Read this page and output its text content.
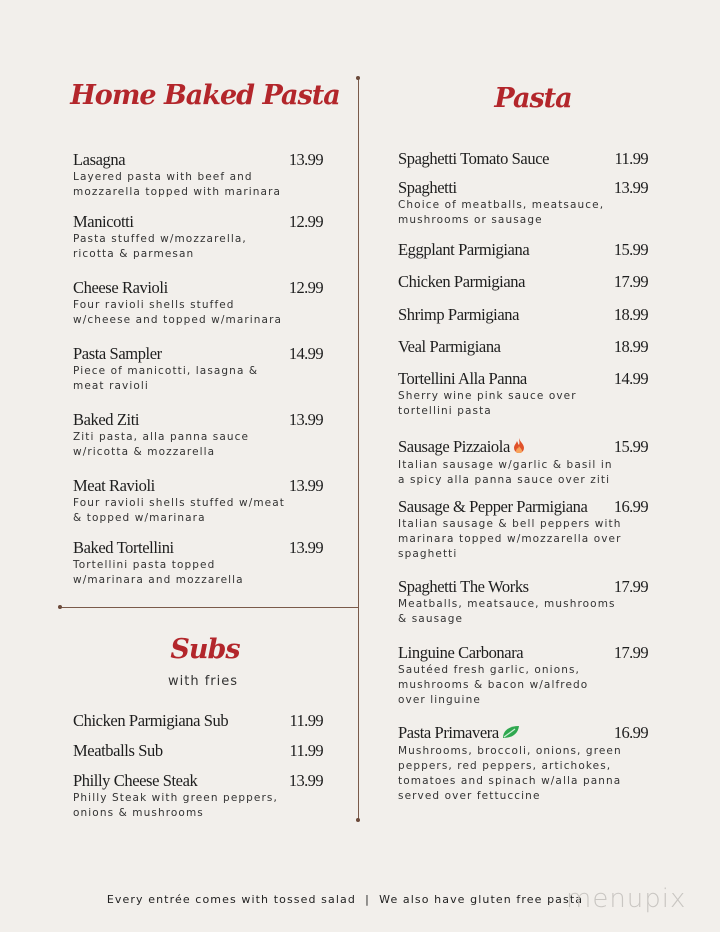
Home Baked Pasta	Pasta
Subs
with fries
Lasagna	13.99
Layered pasta with beef and
mozzarella topped with marinara
Manicotti	12.99
Pasta stuffed w/mozzarella,
ricotta & parmesan
Cheese Ravioli	12.99
Four ravioli shells stuffed
w/cheese and topped w/marinara
Pasta Sampler	14.99
Piece of manicotti, lasagna &
meat ravioli
Baked Ziti	13.99
Ziti pasta, alla panna sauce
w/ricotta & mozzarella
Meat Ravioli	13.99
Four ravioli shells stuffed w/meat
& topped w/marinara
Baked Tortellini	13.99
Tortellini pasta topped
w/marinara and mozzarella
Chicken Parmigiana Sub	11.99
Meatballs Sub	11.99
Philly Cheese Steak	13.99
Philly Steak with green peppers,
onions & mushrooms
Spaghetti Tomato Sauce	11.99
Spaghetti	13.99
Choice of meatballs, meatsauce,
mushrooms or sausage
Eggplant Parmigiana	15.99
Chicken Parmigiana	17.99
Shrimp Parmigiana	18.99
Veal Parmigiana	18.99
Tortellini Alla Panna	14.99
Sherry wine pink sauce over
tortellini pasta
Sausage Pizzaiola	15.99
Italian sausage w/garlic & basil in
a spicy alla panna sauce over ziti
Sausage & Pepper Parmigiana	16.99
Italian sausage & bell peppers with
marinara topped w/mozzarella over
spaghetti
Spaghetti The Works	17.99
Meatballs, meatsauce, mushrooms
& sausage
Linguine Carbonara	17.99
Sautéed fresh garlic, onions,
mushrooms & bacon w/alfredo
over linguine
Pasta Primavera	16.99
Mushrooms, broccoli, onions, green
peppers, red peppers, artichokes,
tomatoes and spinach w/alla panna
served over fettuccine
Every entrée comes with tossed salad  |  We also have gluten free pasta
menupix
